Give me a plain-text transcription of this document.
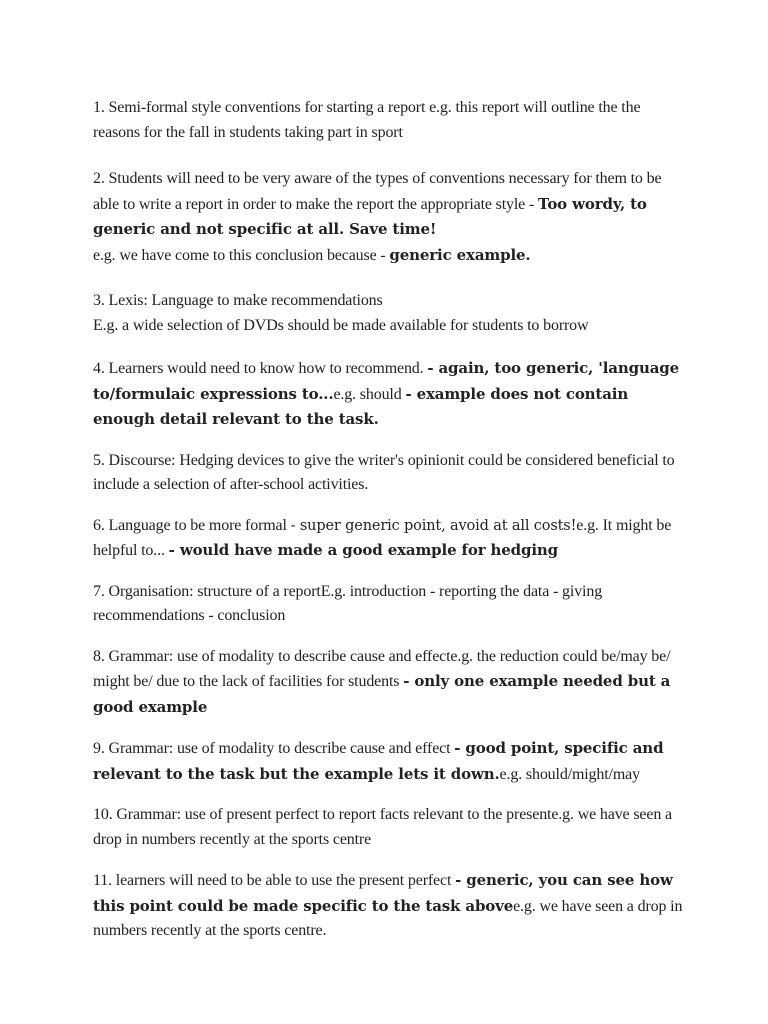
1. Semi-formal style conventions for starting a report e.g. this report will outline the the reasons for the fall in students taking part in sport

2. Students will need to be very aware of the types of conventions necessary for them to be able to write a report in order to make the report the appropriate style - Too wordy, to generic and not specific at all. Save time!
e.g. we have come to this conclusion because - generic example.

3. Lexis: Language to make recommendations
E.g. a wide selection of DVDs should be made available for students to borrow

4. Learners would need to know how to recommend. - again, too generic, 'language to/formulaic expressions to...e.g. should - example does not contain enough detail relevant to the task.

5. Discourse: Hedging devices to give the writer's opinionit could be considered beneficial to include a selection of after-school activities.

6. Language to be more formal - super generic point, avoid at all costs!e.g. It might be helpful to... - would have made a good example for hedging

7. Organisation: structure of a reportE.g. introduction - reporting the data - giving recommendations - conclusion

8. Grammar: use of modality to describe cause and effecte.g. the reduction could be/may be/ might be/ due to the lack of facilities for students - only one example needed but a good example

9. Grammar: use of modality to describe cause and effect - good point, specific and relevant to the task but the example lets it down.e.g. should/might/may

10. Grammar: use of present perfect to report facts relevant to the presente.g. we have seen a drop in numbers recently at the sports centre

11. learners will need to be able to use the present perfect - generic, you can see how this point could be made specific to the task abovee.g. we have seen a drop in numbers recently at the sports centre.
